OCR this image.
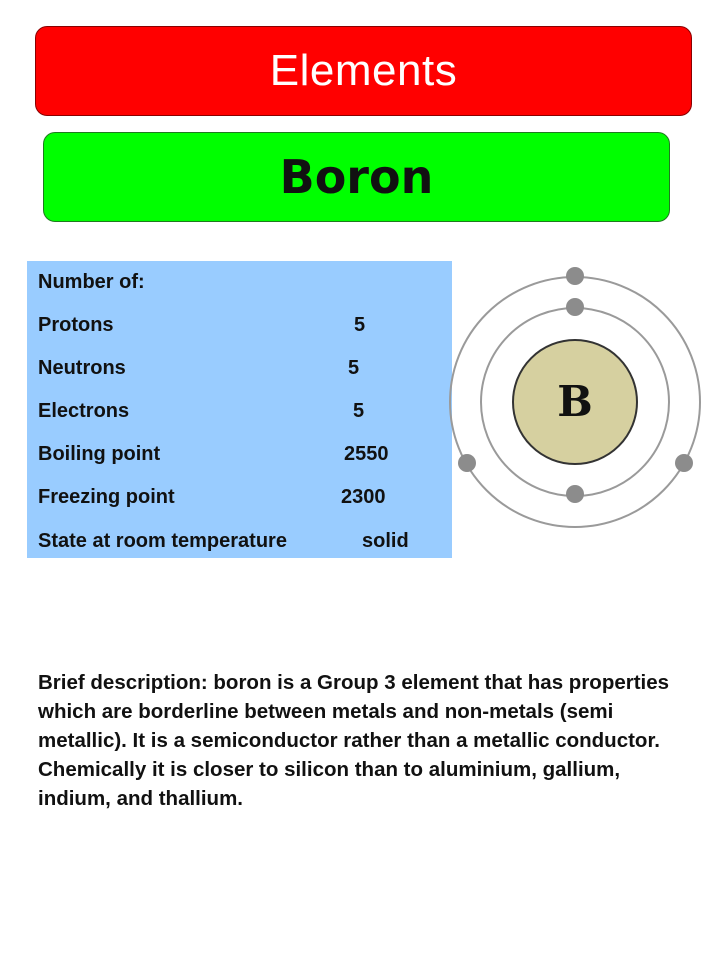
Elements
Boron

Number of:

Protons	5
Neutrons	5
Electrons	5
Boiling point	2550
Freezing point	2300
State at room temperature	solid
B

Brief description: boron is a Group 3 element that has properties which are borderline between metals and non-metals (semi metallic). It is a semiconductor rather than a metallic conductor. Chemically it is closer to silicon than to aluminium, gallium, indium, and thallium.
